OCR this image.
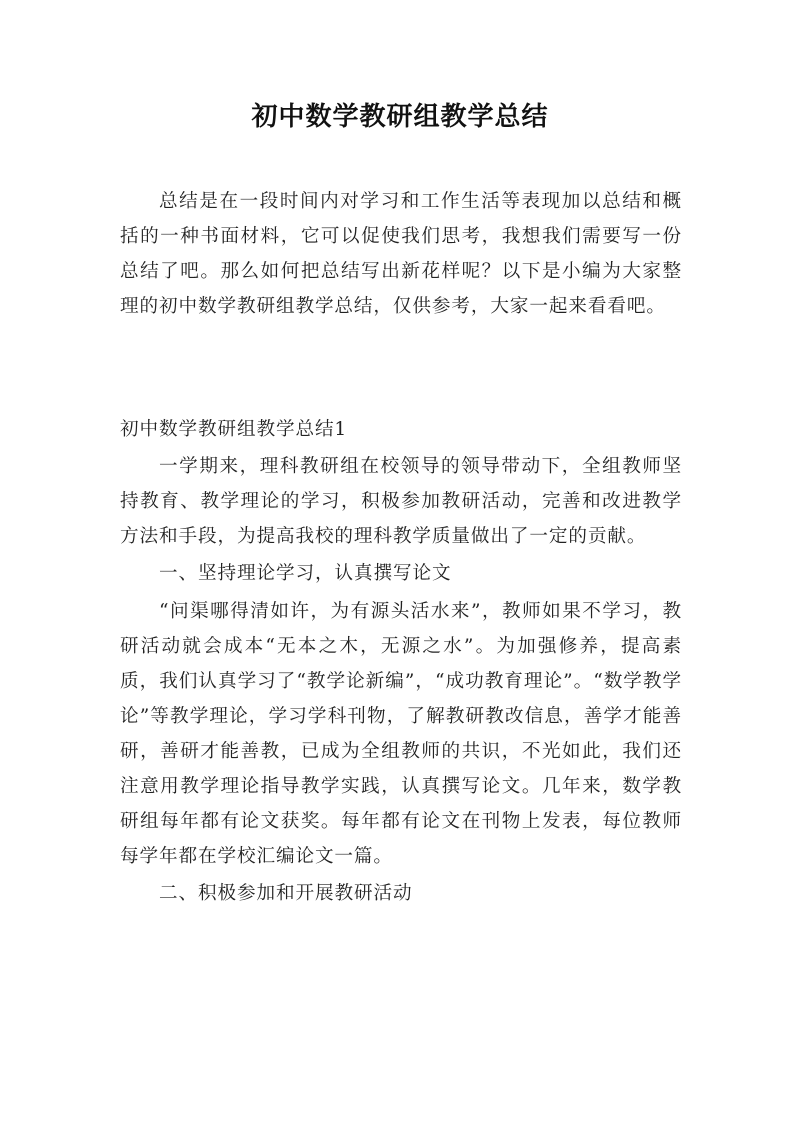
初中数学教研组教学总结

总结是在一段时间内对学习和工作生活等表现加以总结和概括的一种书面材料，它可以促使我们思考，我想我们需要写一份总结了吧。那么如何把总结写出新花样呢？以下是小编为大家整理的初中数学教研组教学总结，仅供参考，大家一起来看看吧。

初中数学教研组教学总结1

一学期来，理科教研组在校领导的领导带动下，全组教师坚持教育、教学理论的学习，积极参加教研活动，完善和改进教学方法和手段，为提高我校的理科教学质量做出了一定的贡献。

一、坚持理论学习，认真撰写论文

“问渠哪得清如许，为有源头活水来”，教师如果不学习，教研活动就会成本“无本之木，无源之水”。为加强修养，提高素质，我们认真学习了“教学论新编”，“成功教育理论”。“数学教学论”等教学理论，学习学科刊物，了解教研教改信息，善学才能善研，善研才能善教，已成为全组教师的共识，不光如此，我们还注意用教学理论指导教学实践，认真撰写论文。几年来，数学教研组每年都有论文获奖。每年都有论文在刊物上发表，每位教师每学年都在学校汇编论文一篇。

二、积极参加和开展教研活动
